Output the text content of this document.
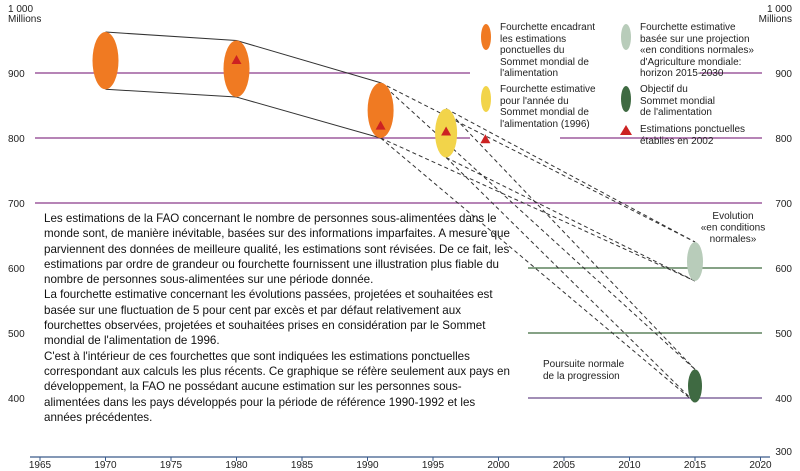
1965	1970	1975	1980	1985	1990	1995	2000	2005	2010	2015	2020
1 000
900
800
700
600
500
400
Millions
1 000
900
800
700
600
500
400
300
Millions
Evolution
«en conditions
normales»
Poursuite normale
de la progression

Les estimations de la FAO concernant le nombre de personnes sous-alimentées dans le monde sont, de manière inévitable, basées sur des informations imparfaites. A mesure que parviennent des données de meilleure qualité, les estimations sont révisées. De ce fait, les estimations par ordre de grandeur ou fourchette fournissent une illustration plus fiable du nombre de personnes sous-alimentées sur une période donnée.

La fourchette estimative concernant les évolutions passées, projetées et souhaitées est basée sur une fluctuation de 5 pour cent par excès et par défaut relativement aux fourchettes observées, projetées et souhaitées prises en considération par le Sommet mondial de l'alimentation de 1996.

C'est à l'intérieur de ces fourchettes que sont indiquées les estimations ponctuelles correspondant aux calculs les plus récents. Ce graphique se réfère seulement aux pays en développement, la FAO ne possédant aucune estimation sur les personnes sous-alimentées dans les pays développés pour la période de référence 1990-1992 et les années précédentes.

Fourchette encadrant
les estimations
ponctuelles du
Sommet mondial de
l'alimentation
Fourchette estimative
pour l'année du
Sommet mondial de
l'alimentation (1996)
Fourchette estimative
basée sur une projection
«en conditions normales»
d'Agriculture mondiale:
horizon 2015-2030
Objectif du
Sommet mondial
de l'alimentation
Estimations ponctuelles
établies en 2002
